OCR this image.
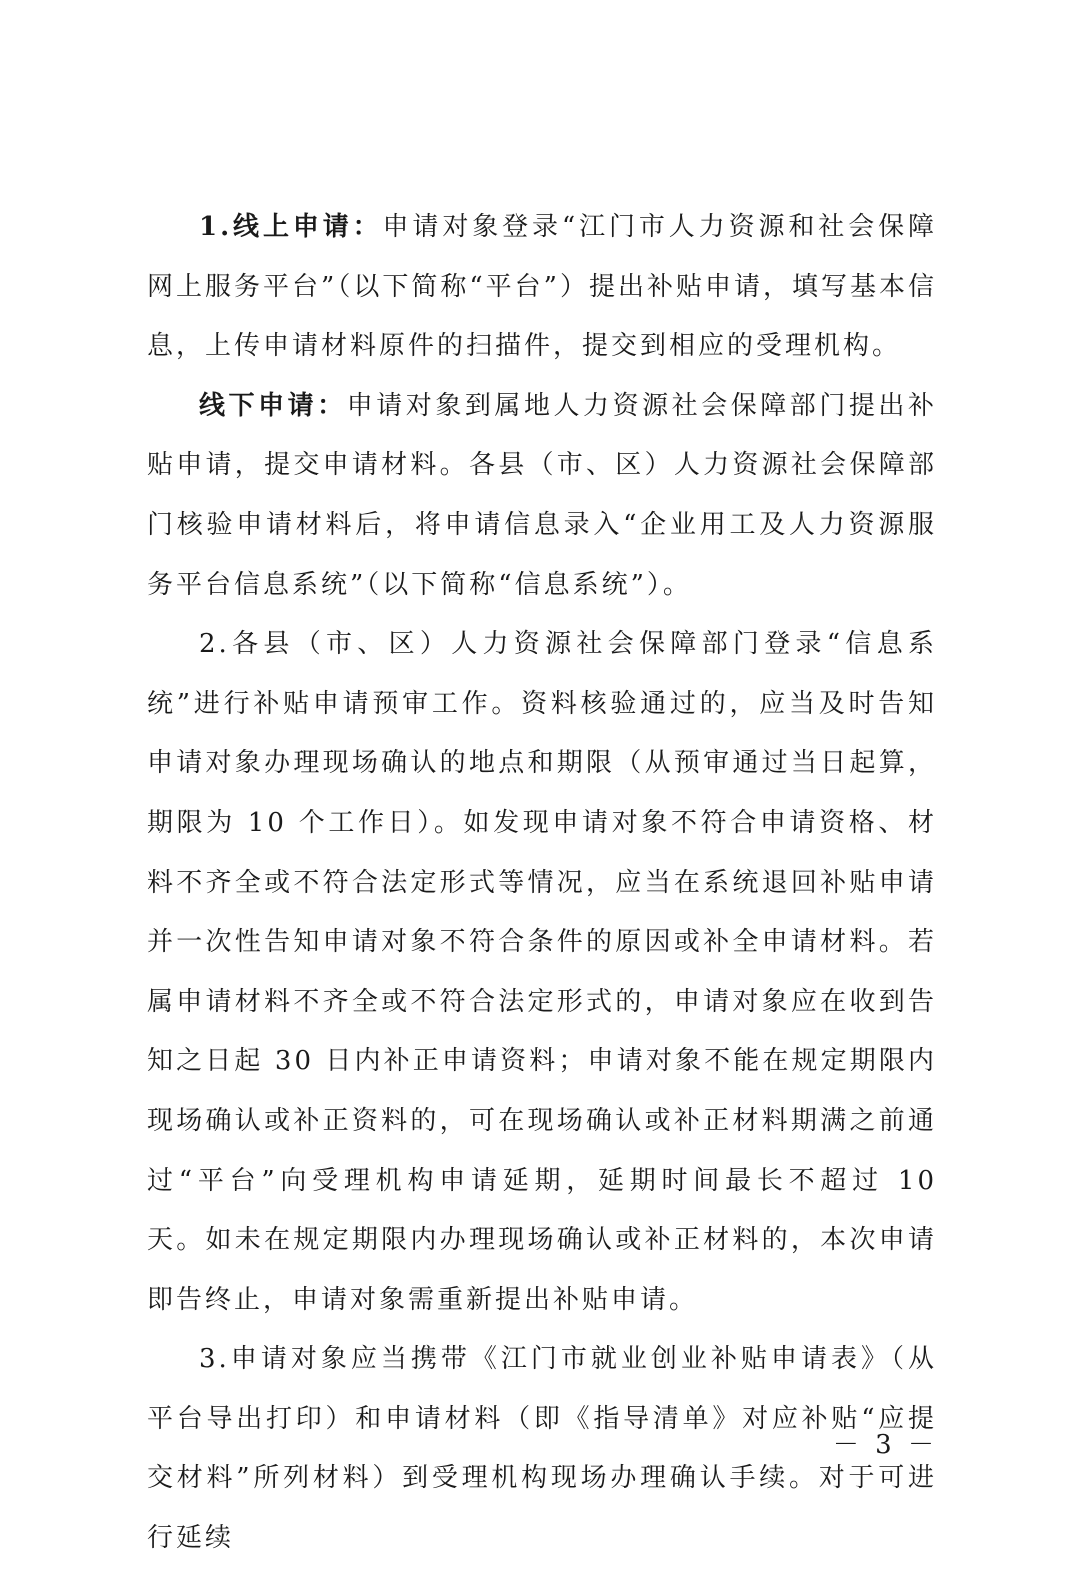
1.线上申请：申请对象登录“江门市人力资源和社会保障网上服务平台”（以下简称“平台”）提出补贴申请，填写基本信息，上传申请材料原件的扫描件，提交到相应的受理机构。

线下申请：申请对象到属地人力资源社会保障部门提出补贴申请，提交申请材料。各县（市、区）人力资源社会保障部门核验申请材料后，将申请信息录入“企业用工及人力资源服务平台信息系统”（以下简称“信息系统”）。

2.各县（市、区）人力资源社会保障部门登录“信息系统”进行补贴申请预审工作。资料核验通过的，应当及时告知申请对象办理现场确认的地点和期限（从预审通过当日起算，期限为 10 个工作日）。如发现申请对象不符合申请资格、材料不齐全或不符合法定形式等情况，应当在系统退回补贴申请并一次性告知申请对象不符合条件的原因或补全申请材料。若属申请材料不齐全或不符合法定形式的，申请对象应在收到告知之日起 30 日内补正申请资料；申请对象不能在规定期限内现场确认或补正资料的，可在现场确认或补正材料期满之前通过“平台”向受理机构申请延期，延期时间最长不超过 10 天。如未在规定期限内办理现场确认或补正材料的，本次申请即告终止，申请对象需重新提出补贴申请。

3.申请对象应当携带《江门市就业创业补贴申请表》（从平台导出打印）和申请材料（即《指导清单》对应补贴“应提交材料”所列材料）到受理机构现场办理确认手续。对于可进行延续

－ 3 －
